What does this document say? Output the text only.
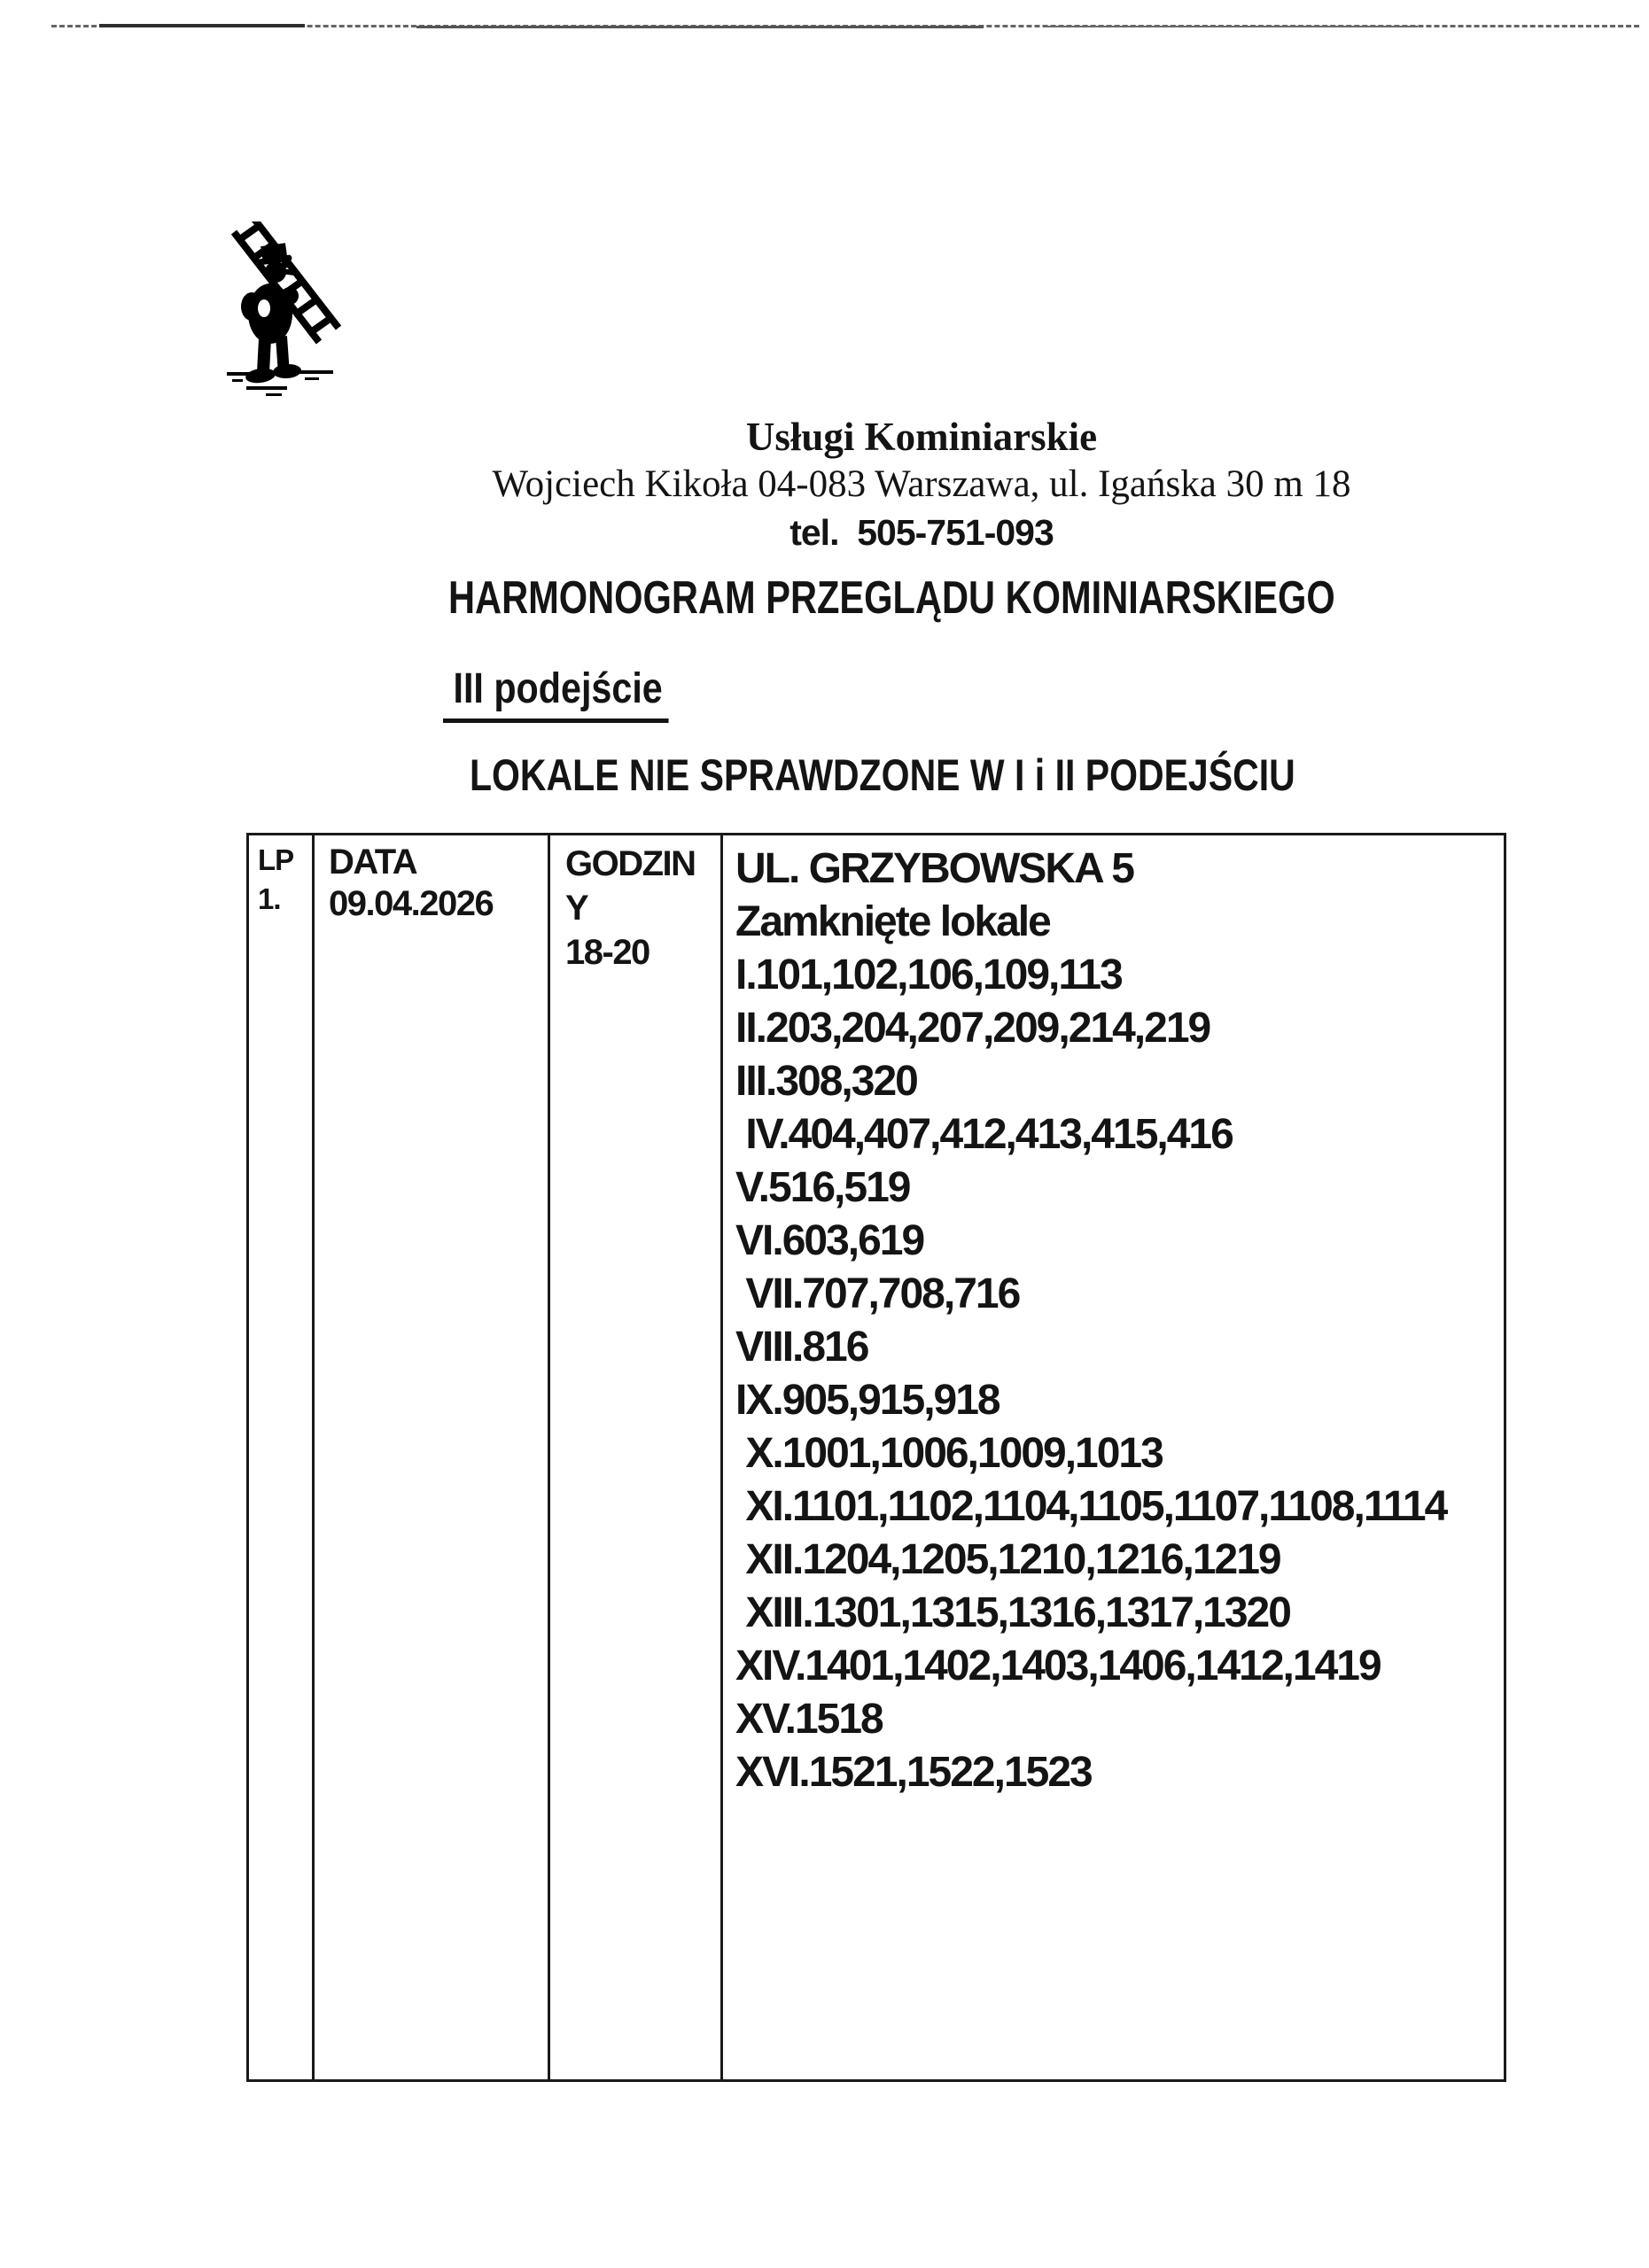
Usługi Kominiarskie
Wojciech Kikoła 04-083 Warszawa, ul. Igańska 30 m 18
tel.  505-751-093
HARMONOGRAM PRZEGLĄDU KOMINIARSKIEGO
III podejście
LOKALE NIE SPRAWDZONE W I i II PODEJŚCIU
LP
1.
DATA
09.04.2026
GODZIN
Y
18-20
UL. GRZYBOWSKA 5
Zamknięte lokale
I.101,102,106,109,113
II.203,204,207,209,214,219
III.308,320
IV.404,407,412,413,415,416
V.516,519
VI.603,619
VII.707,708,716
VIII.816
IX.905,915,918
X.1001,1006,1009,1013
XI.1101,1102,1104,1105,1107,1108,1114
XII.1204,1205,1210,1216,1219
XIII.1301,1315,1316,1317,1320
XIV.1401,1402,1403,1406,1412,1419
XV.1518
XVI.1521,1522,1523
